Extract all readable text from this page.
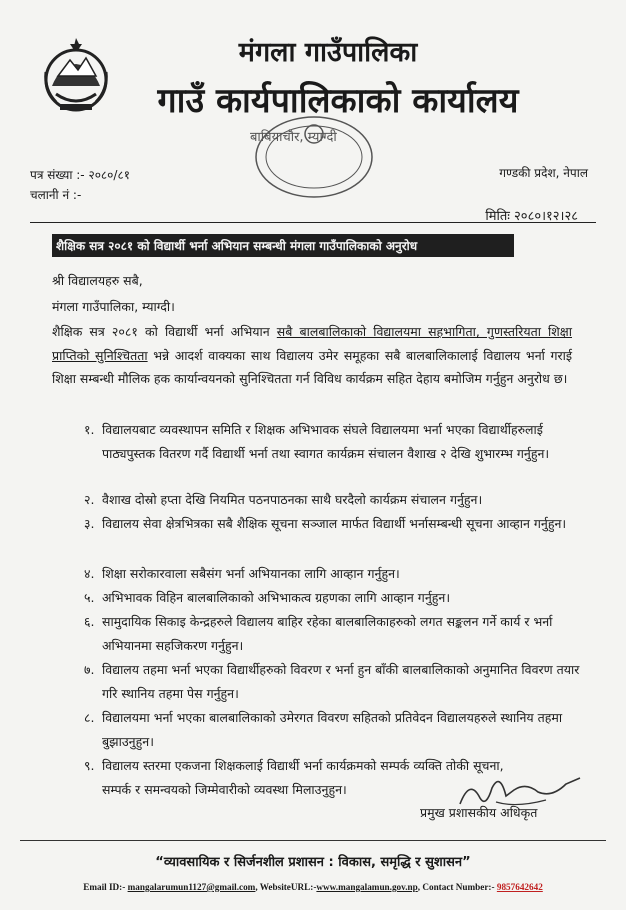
मंगला गाउँपालिका
गाउँ कार्यपालिकाको कार्यालय
बाबियाचौर, म्याग्दी
पत्र संख्या :- २०८०/८१
चलानी नं :-
गण्डकी प्रदेश, नेपाल
मितिः २०८०।१२।२८
शैक्षिक सत्र २०८१ को विद्यार्थी भर्ना अभियान सम्बन्धी मंगला गाउँपालिकाको अनुरोध
श्री विद्यालयहरु सबै,
मंगला गाउँपालिका, म्याग्दी।
शैक्षिक सत्र २०८१ को विद्यार्थी भर्ना अभियान सबै बालबालिकाको विद्यालयमा सहभागिता, गुणस्तरियता शिक्षा प्राप्तिको सुनिश्चितता भन्ने आदर्श वाक्यका साथ विद्यालय उमेर समूहका सबै बालबालिकालाई विद्यालय भर्ना गराई शिक्षा सम्बन्धी मौलिक हक कार्यान्वयनको सुनिश्चितता गर्न विविध कार्यक्रम सहित देहाय बमोजिम गर्नुहुन अनुरोध छ।
१. विद्यालयबाट व्यवस्थापन समिति र शिक्षक अभिभावक संघले विद्यालयमा भर्ना भएका विद्यार्थीहरुलाई पाठ्यपुस्तक वितरण गर्दै विद्यार्थी भर्ना तथा स्वागत कार्यक्रम संचालन वैशाख २ देखि शुभारम्भ गर्नुहुन।
२. वैशाख दोस्रो हप्ता देखि नियमित पठनपाठनका साथै घरदैलो कार्यक्रम संचालन गर्नुहुन।
३. विद्यालय सेवा क्षेत्रभित्रका सबै शैक्षिक सूचना सञ्जाल मार्फत विद्यार्थी भर्नासम्बन्धी सूचना आव्हान गर्नुहुन।
४. शिक्षा सरोकारवाला सबैसंग भर्ना अभियानका लागि आव्हान गर्नुहुन।
५. अभिभावक विहिन बालबालिकाको अभिभाकत्व ग्रहणका लागि आव्हान गर्नुहुन।
६. सामुदायिक सिकाइ केन्द्रहरुले विद्यालय बाहिर रहेका बालबालिकाहरुको लगत सङ्कलन गर्ने कार्य र भर्ना अभियानमा सहजिकरण गर्नुहुन।
७. विद्यालय तहमा भर्ना भएका विद्यार्थीहरुको विवरण र भर्ना हुन बाँकी बालबालिकाको अनुमानित विवरण तयार गरि स्थानिय तहमा पेस गर्नुहुन।
८. विद्यालयमा भर्ना भएका बालबालिकाको उमेरगत विवरण सहितको प्रतिवेदन विद्यालयहरुले स्थानिय तहमा बुझाउनुहुन।
९. विद्यालय स्तरमा एकजना शिक्षकलाई विद्यार्थी भर्ना कार्यक्रमको सम्पर्क व्यक्ति तोकी सूचना, सम्पर्क र समन्वयको जिम्मेवारीको व्यवस्था मिलाउनुहुन।
प्रमुख प्रशासकीय अधिकृत
“व्यावसायिक र सिर्जनशील प्रशासन : विकास, समृद्धि र सुशासन”
Email ID:- mangalarumun1127@gmail.com, WebsiteURL:-www.mangalamun.gov.np, Contact Number:- 9857642642
